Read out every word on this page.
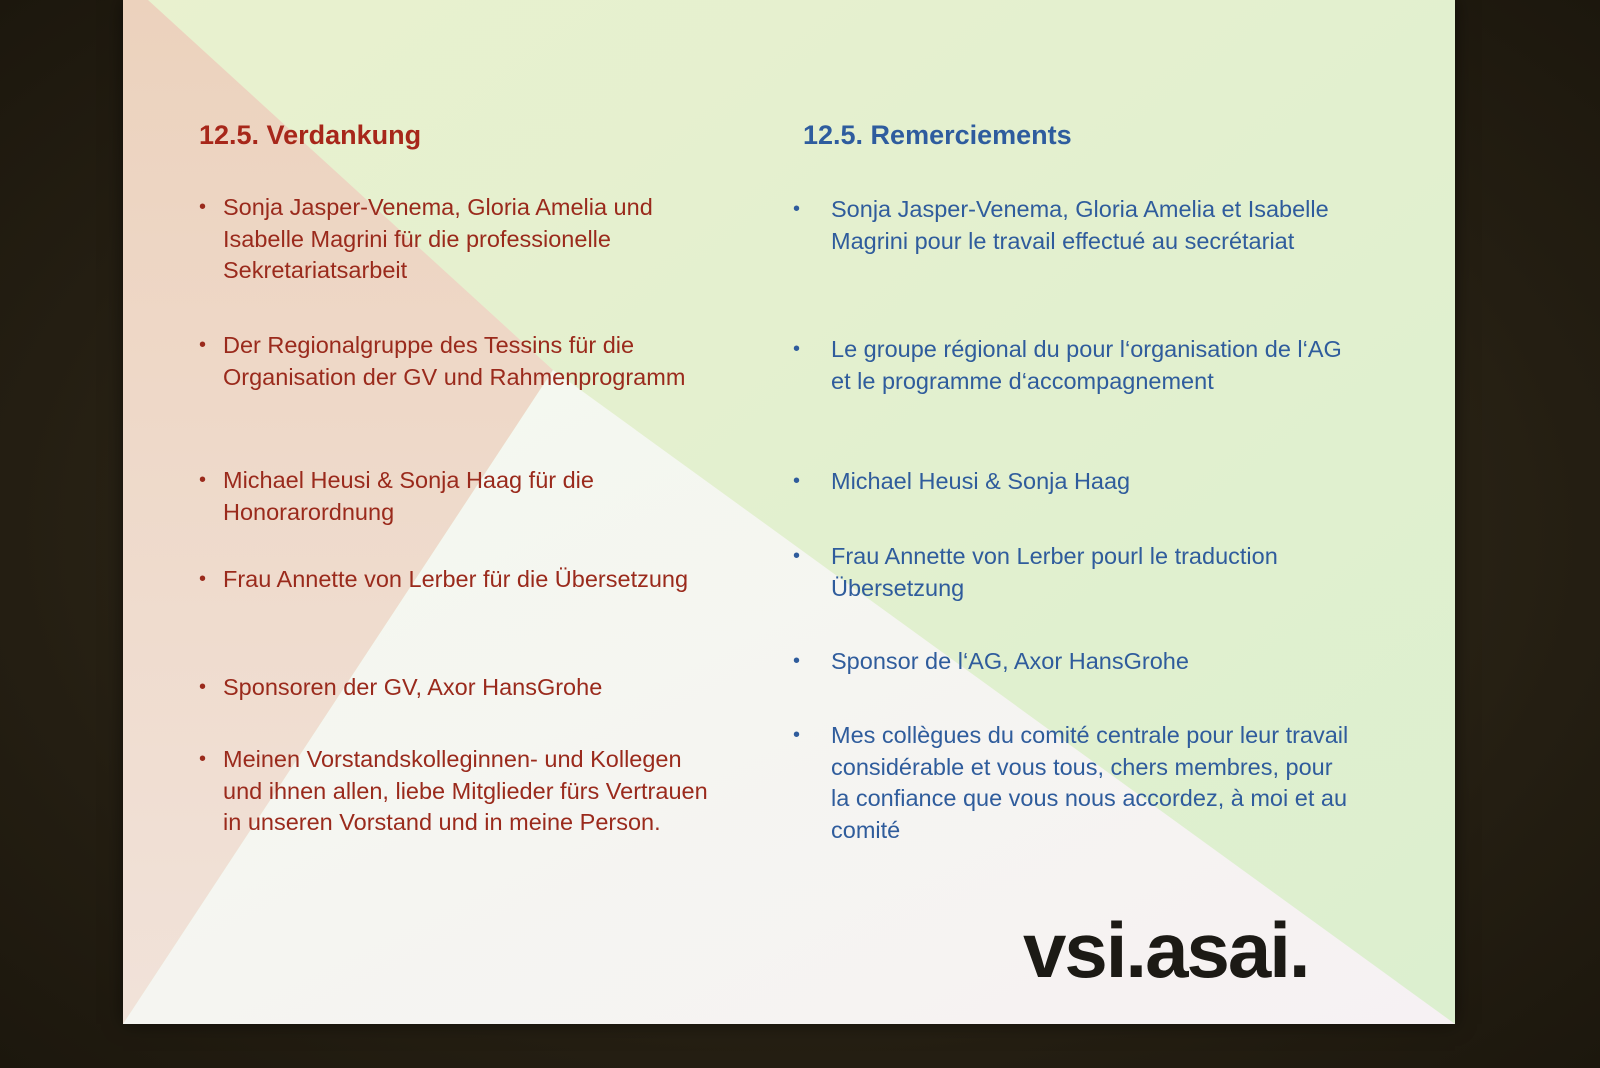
12.5. Verdankung
• Sonja Jasper-Venema, Gloria Amelia und Isabelle Magrini für die professionelle Sekretariatsarbeit
• Der Regionalgruppe des Tessins für die Organisation der GV und Rahmenprogramm
• Michael Heusi & Sonja Haag für die Honorarordnung
• Frau Annette von Lerber für die Übersetzung
• Sponsoren der GV, Axor HansGrohe
• Meinen Vorstandskolleginnen- und Kollegen und ihnen allen, liebe Mitglieder fürs Vertrauen in unseren Vorstand und in meine Person.
12.5. Remerciements
• Sonja Jasper-Venema, Gloria Amelia et Isabelle Magrini pour le travail effectué au secrétariat
• Le groupe régional du pour l‘organisation de l‘AG et le programme d‘accompagnement
• Michael Heusi & Sonja Haag
• Frau Annette von Lerber pourl le traduction Übersetzung
• Sponsor de l‘AG, Axor HansGrohe
• Mes collègues du comité centrale pour leur travail considérable et vous tous, chers membres, pour la confiance que vous nous accordez, à moi et au comité
vsi.asai.
